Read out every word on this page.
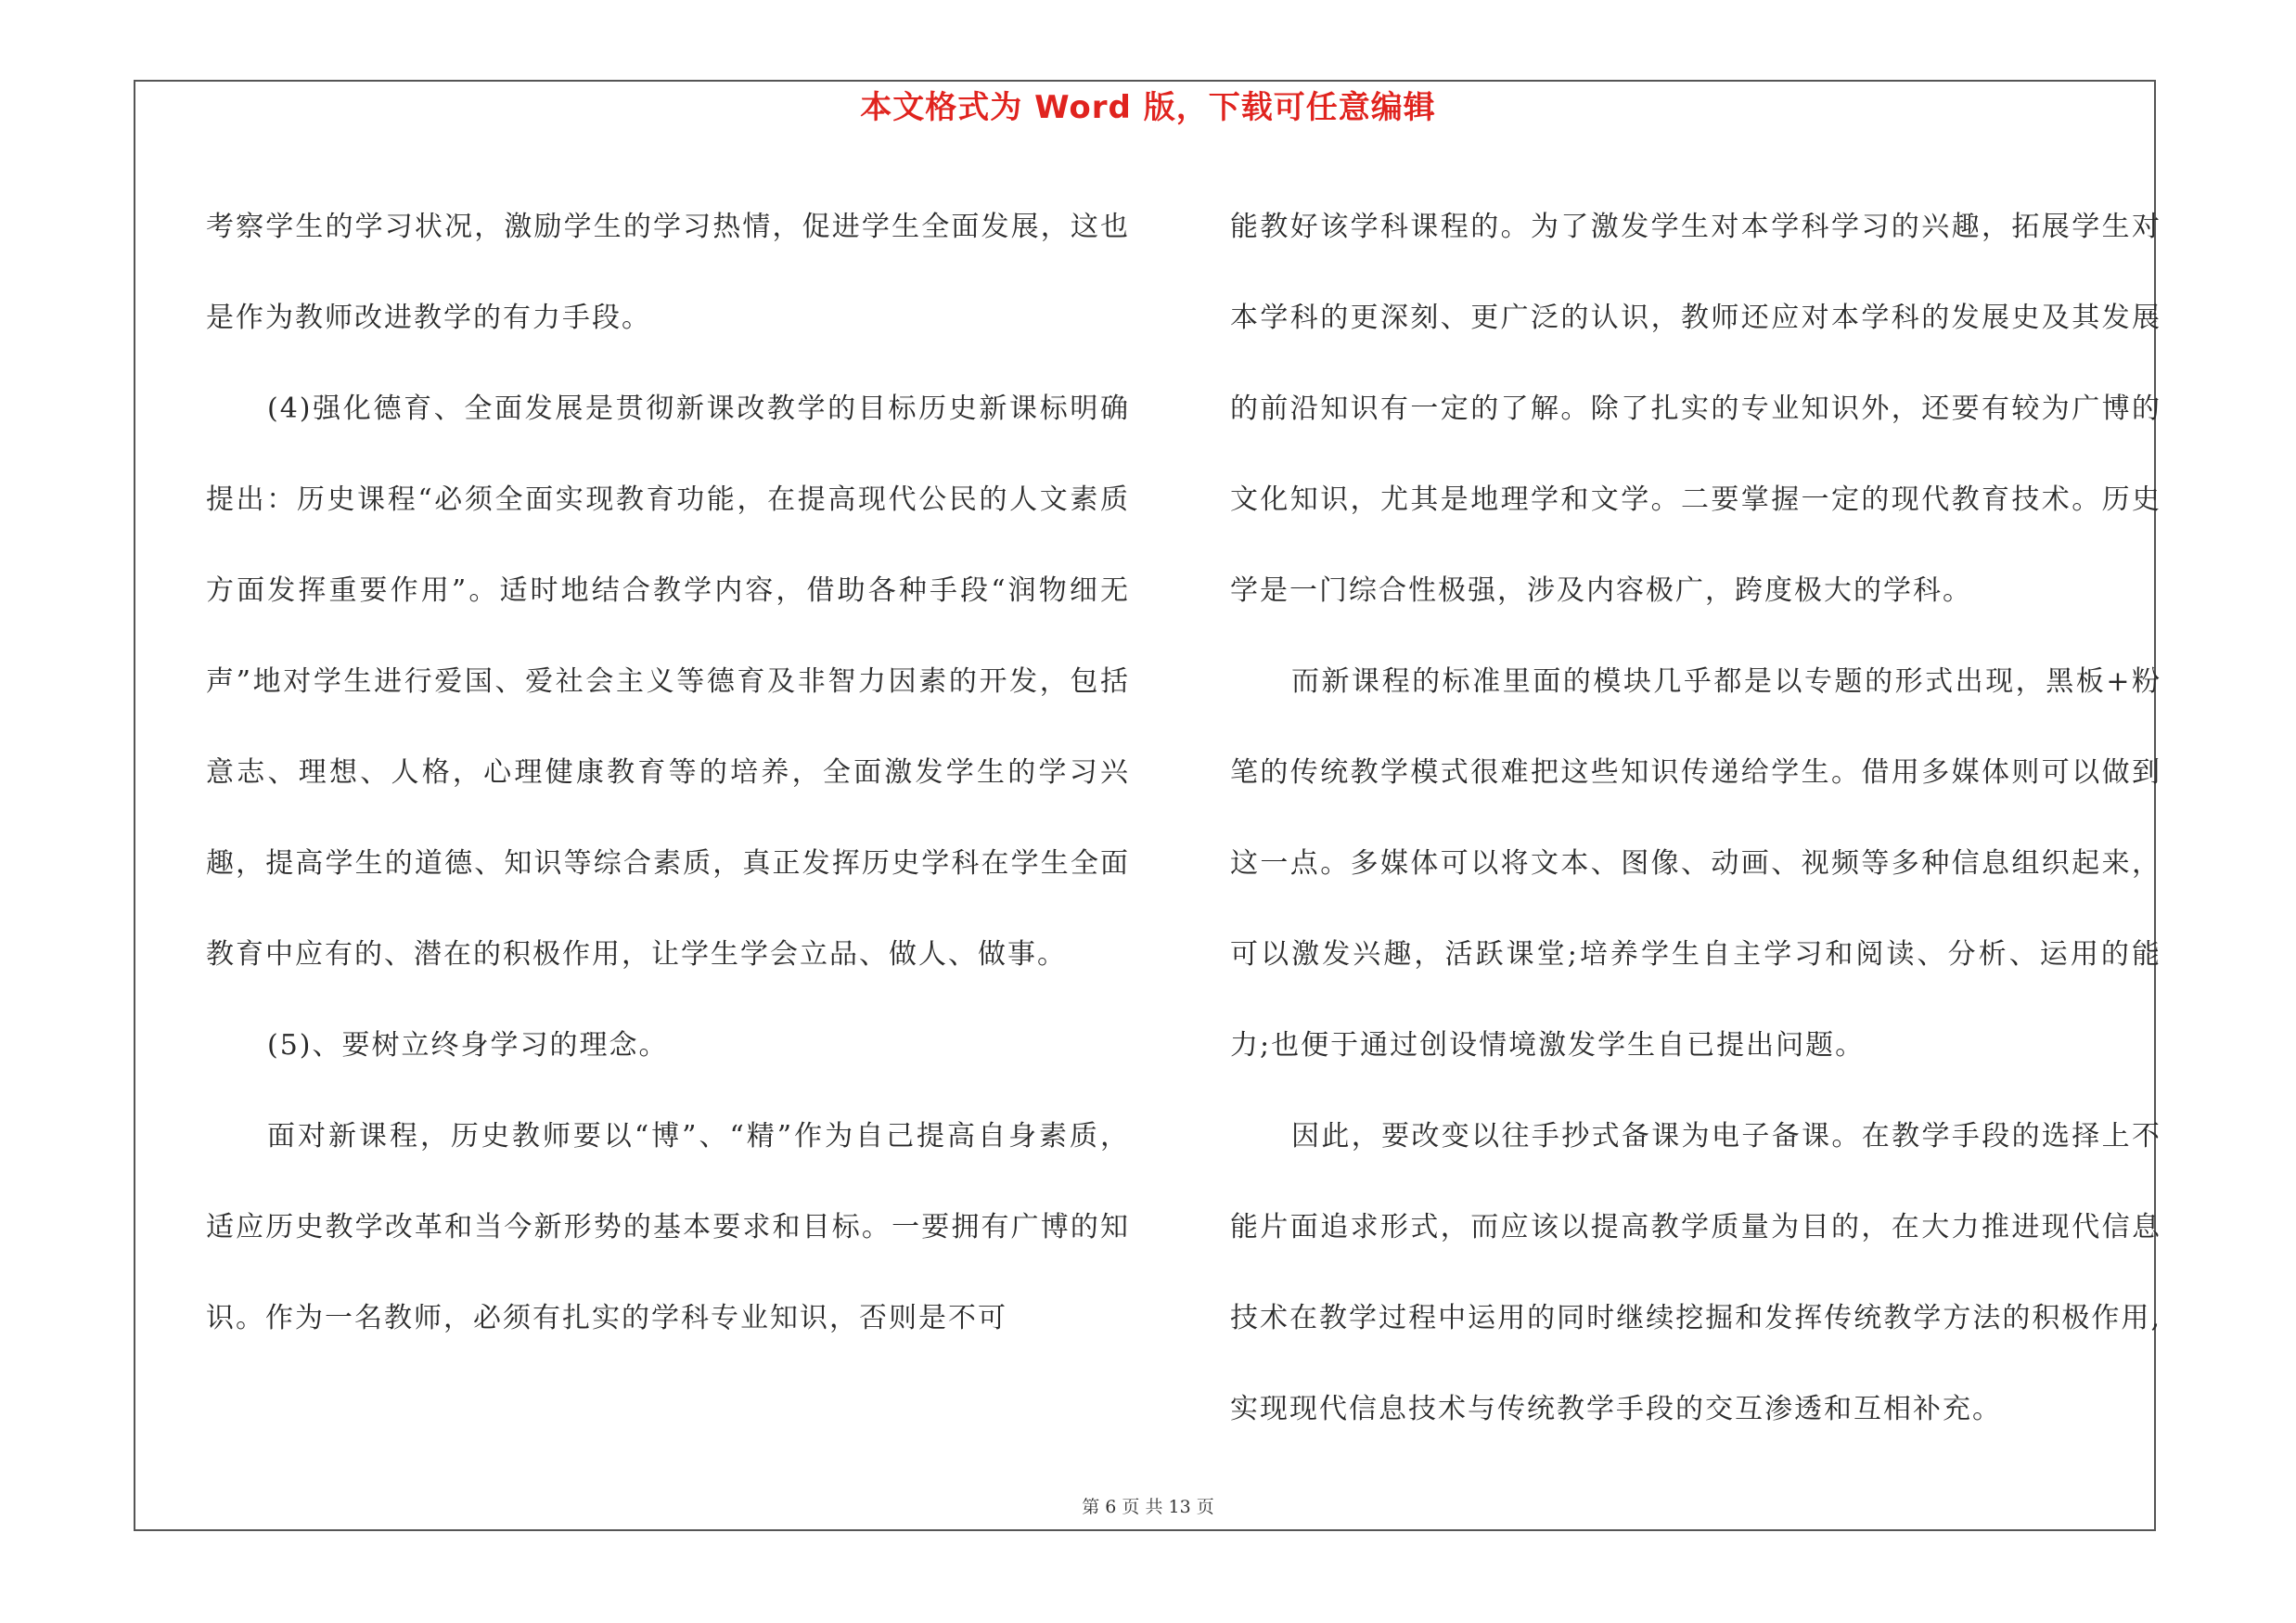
本文格式为 Word 版，下载可任意编辑

考察学生的学习状况，激励学生的学习热情，促进学生全面发展，这也是作为教师改进教学的有力手段。

(4)强化德育、全面发展是贯彻新课改教学的目标历史新课标明确提出：历史课程“必须全面实现教育功能，在提高现代公民的人文素质方面发挥重要作用”。适时地结合教学内容，借助各种手段“润物细无声”地对学生进行爱国、爱社会主义等德育及非智力因素的开发，包括意志、理想、人格，心理健康教育等的培养，全面激发学生的学习兴趣，提高学生的道德、知识等综合素质，真正发挥历史学科在学生全面教育中应有的、潜在的积极作用，让学生学会立品、做人、做事。

(5)、要树立终身学习的理念。

面对新课程，历史教师要以“博”、“精”作为自己提高自身素质，适应历史教学改革和当今新形势的基本要求和目标。一要拥有广博的知识。作为一名教师，必须有扎实的学科专业知识，否则是不可

能教好该学科课程的。为了激发学生对本学科学习的兴趣，拓展学生对本学科的更深刻、更广泛的认识，教师还应对本学科的发展史及其发展的前沿知识有一定的了解。除了扎实的专业知识外，还要有较为广博的文化知识，尤其是地理学和文学。二要掌握一定的现代教育技术。历史学是一门综合性极强，涉及内容极广，跨度极大的学科。

而新课程的标准里面的模块几乎都是以专题的形式出现，黑板+粉笔的传统教学模式很难把这些知识传递给学生。借用多媒体则可以做到这一点。多媒体可以将文本、图像、动画、视频等多种信息组织起来，可以激发兴趣，活跃课堂;培养学生自主学习和阅读、分析、运用的能力;也便于通过创设情境激发学生自已提出问题。

因此，要改变以往手抄式备课为电子备课。在教学手段的选择上不能片面追求形式，而应该以提高教学质量为目的，在大力推进现代信息技术在教学过程中运用的同时继续挖掘和发挥传统教学方法的积极作用,实现现代信息技术与传统教学手段的交互渗透和互相补充。

第 6 页 共 13 页
